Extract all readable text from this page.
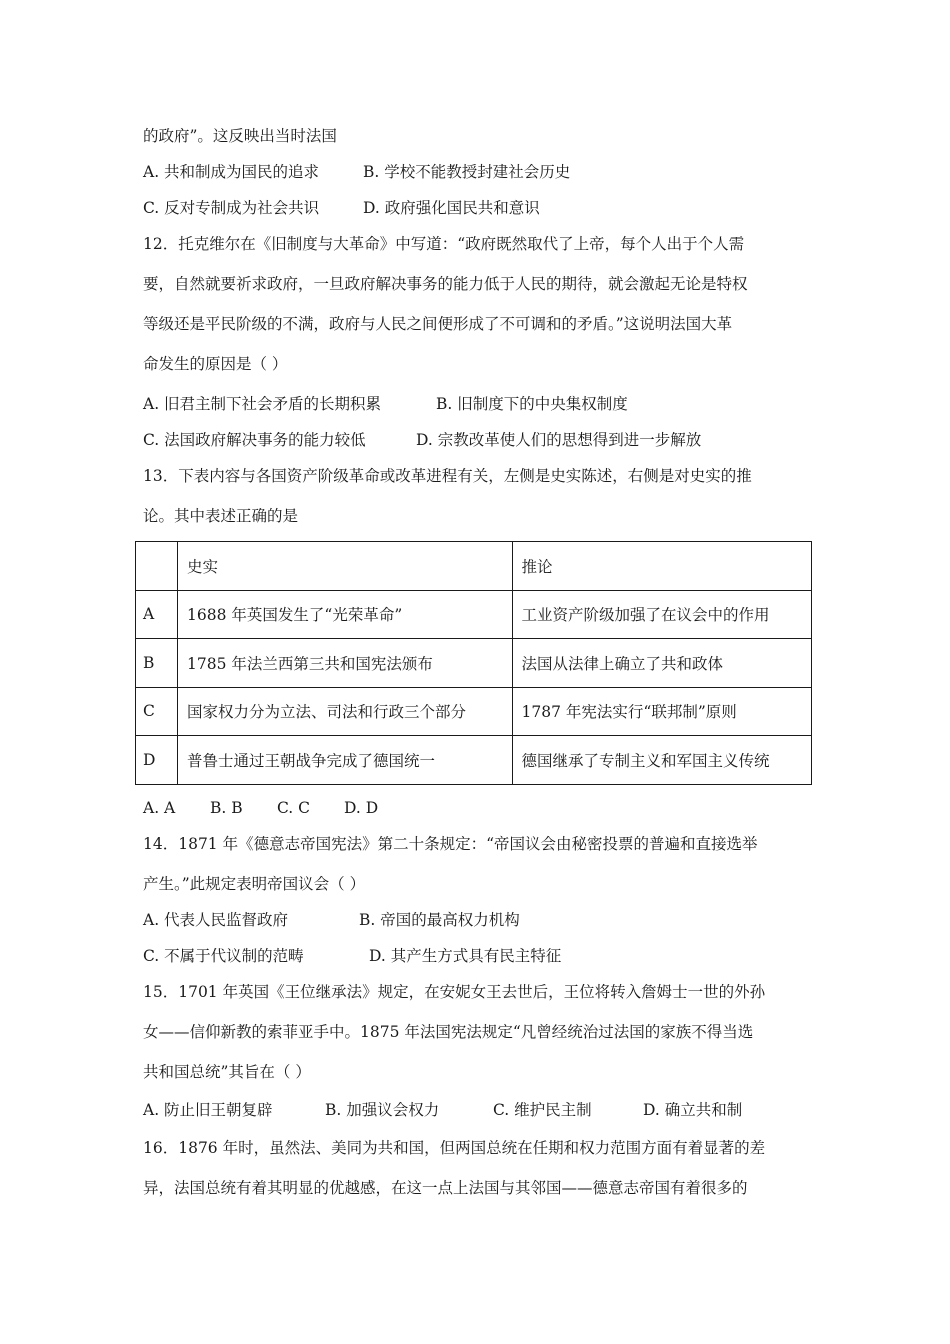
的政府”。这反映出当时法国
A. 共和制成为国民的追求	B. 学校不能教授封建社会历史
C. 反对专制成为社会共识	D. 政府强化国民共和意识
12．托克维尔在《旧制度与大革命》中写道：“政府既然取代了上帝，每个人出于个人需
要，自然就要祈求政府，一旦政府解决事务的能力低于人民的期待，就会激起无论是特权
等级还是平民阶级的不满，政府与人民之间便形成了不可调和的矛盾。”这说明法国大革
命发生的原因是（ ）
A. 旧君主制下社会矛盾的长期积累	B. 旧制度下的中央集权制度
C. 法国政府解决事务的能力较低	D. 宗教改革使人们的思想得到进一步解放
13．下表内容与各国资产阶级革命或改革进程有关，左侧是史实陈述，右侧是对史实的推
论。其中表述正确的是
	史实	推论
A	1688 年英国发生了“光荣革命”	工业资产阶级加强了在议会中的作用
B	1785 年法兰西第三共和国宪法颁布	法国从法律上确立了共和政体
C	国家权力分为立法、司法和行政三个部分	1787 年宪法实行“联邦制”原则
D	普鲁士通过王朝战争完成了德国统一	德国继承了专制主义和军国主义传统
A. A B. B C. C D. D
14．1871 年《德意志帝国宪法》第二十条规定：“帝国议会由秘密投票的普遍和直接选举
产生。”此规定表明帝国议会（ ）
A. 代表人民监督政府	B. 帝国的最高权力机构
C. 不属于代议制的范畴	D. 其产生方式具有民主特征
15．1701 年英国《王位继承法》规定，在安妮女王去世后，王位将转入詹姆士一世的外孙
女——信仰新教的索菲亚手中。1875 年法国宪法规定“凡曾经统治过法国的家族不得当选
共和国总统”其旨在（ ）
A. 防止旧王朝复辟	B. 加强议会权力	C. 维护民主制	D. 确立共和制
16．1876 年时，虽然法、美同为共和国，但两国总统在任期和权力范围方面有着显著的差
异，法国总统有着其明显的优越感，在这一点上法国与其邻国——德意志帝国有着很多的
